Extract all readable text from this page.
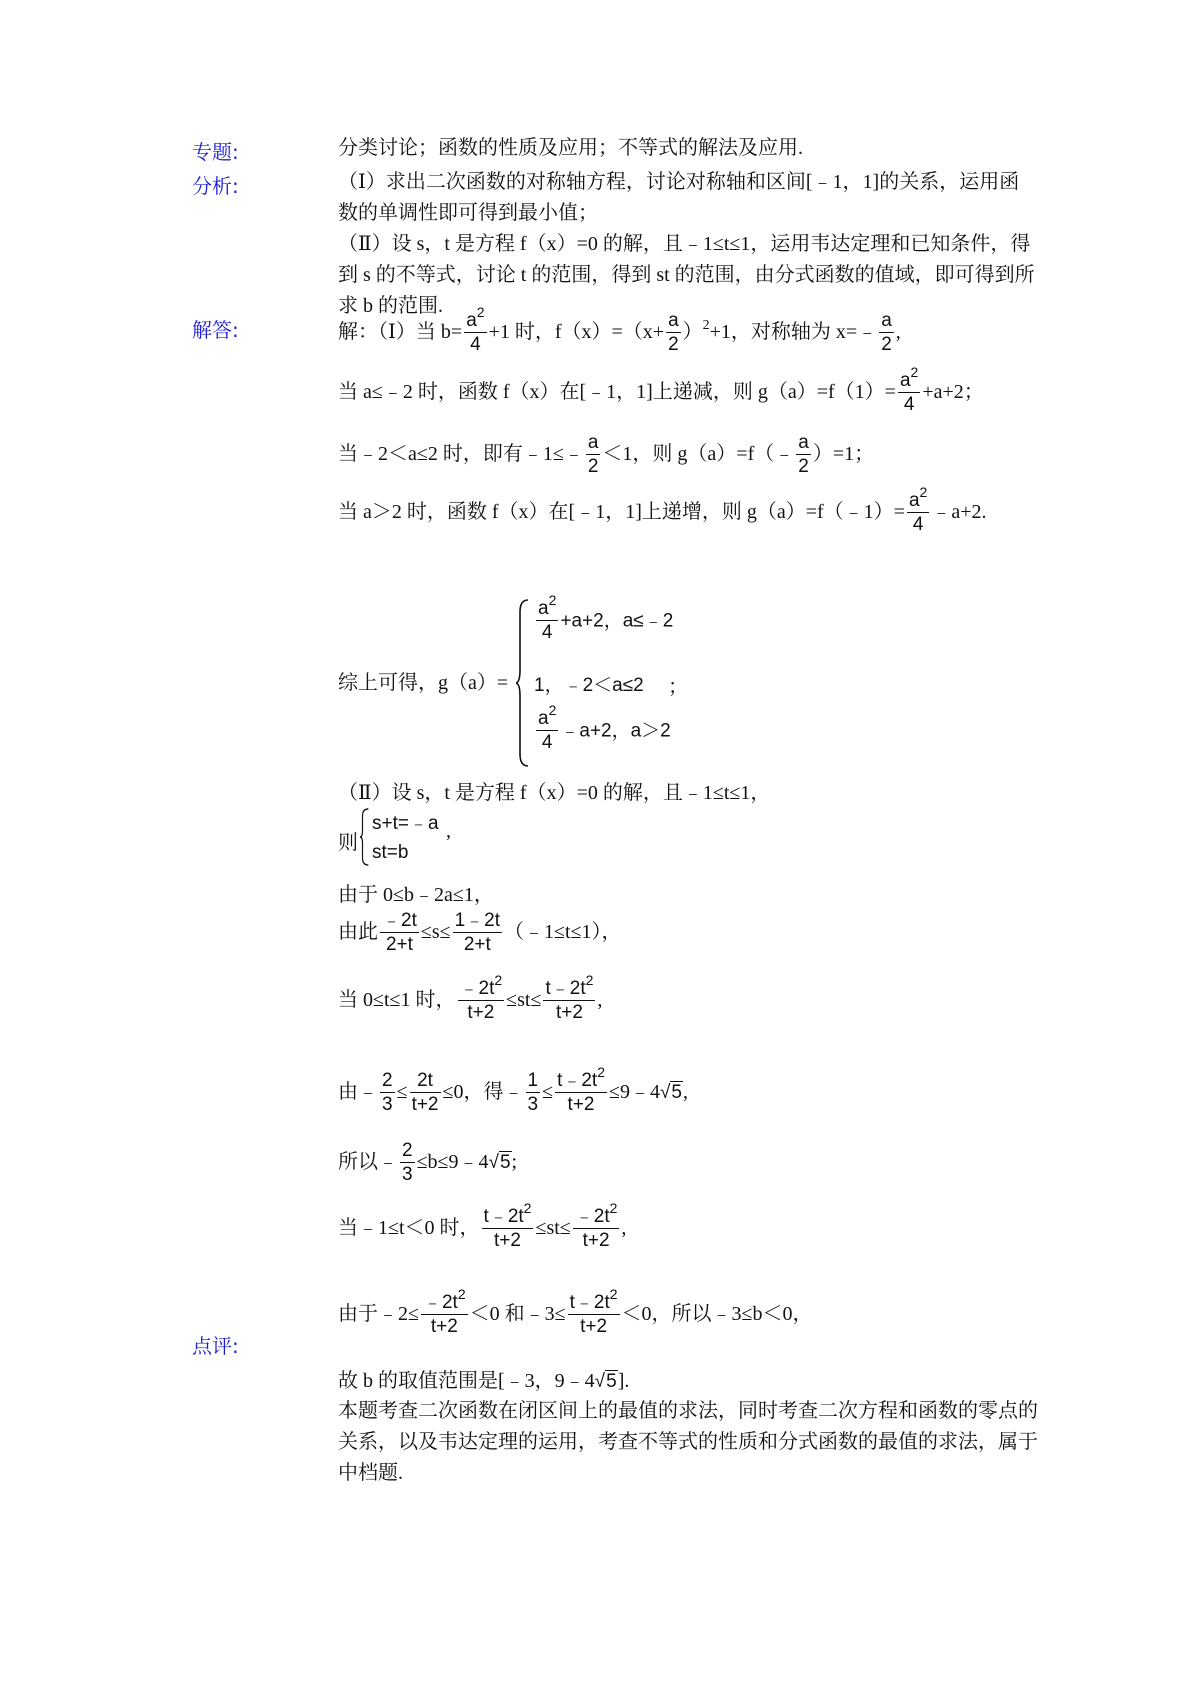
专题:
分析:
解答:
点评:
分类讨论；函数的性质及应用；不等式的解法及应用.
（Ⅰ）求出二次函数的对称轴方程，讨论对称轴和区间[﹣1，1]的关系，运用函数的单调性即可得到最小值；
（Ⅱ）设 s，t 是方程 f（x）=0 的解，且﹣1≤t≤1，运用韦达定理和已知条件，得到 s 的不等式，讨论 t 的范围，得到 st 的范围，由分式函数的值域，即可得到所求 b 的范围.
解：（Ⅰ）当 $b= \frac{a^2}{4} +1$ 时，$f(x)=(x+ \frac{a}{2} )^2+1$，对称轴为 x=﹣ $\frac{a}{2}$ ,
当 a≤﹣2 时，函数 f（x）在[﹣1，1]上递减，则 $g(a)=f(1)= \frac{a^2}{4} +a+2$；
当﹣2＜a≤2 时，即有﹣1≤﹣ $\frac{a}{2} <1$，则 g（a）=f（﹣ $\frac{a}{2} )=1$；
当 a＞2 时，函数 f（x）在[﹣1，1]上递增，则 g（a）=f（﹣1）= $\frac{a^2}{4}$ ﹣a+2.
综上可得，g（a）=
$\frac{a^2}{4} +a+2$，a≤﹣2
1，﹣2＜a≤2
$\frac{a^2}{4}$ ﹣a+2，a＞2
；
（Ⅱ）设 s，t 是方程 f（x）=0 的解，且﹣1≤t≤1，
则
s+t=﹣a ,
st=b
由于 0≤b﹣2a≤1，
由此 $\frac{﹣2t}{2+t} \le s\le \frac{1﹣2t}{2+t}$ （﹣1≤t≤1），
当 0≤t≤1 时， $\frac{﹣2t^2}{t+2} \le st\le \frac{t﹣2t^2}{t+2}$ ,
由﹣ $\frac{2}{3} \le \frac{2t}{t+2} \le 0$，得﹣ $\frac{1}{3} \le \frac{t﹣2t^2}{t+2}$ ≤9﹣4√5,
所以﹣ $\frac{2}{3}$ ≤b≤9﹣4√5;
当﹣1≤t＜0 时， $\frac{t﹣2t^2}{t+2} \le st\le \frac{﹣2t^2}{t+2}$ ,
由于﹣2≤ $\frac{﹣2t^2}{t+2} <0$ 和﹣3≤ $\frac{t﹣2t^2}{t+2} <0$，所以﹣3≤b＜0，
故 b 的取值范围是[﹣3，9﹣4√5].
本题考查二次函数在闭区间上的最值的求法，同时考查二次方程和函数的零点的关系，以及韦达定理的运用，考查不等式的性质和分式函数的最值的求法，属于中档题.
